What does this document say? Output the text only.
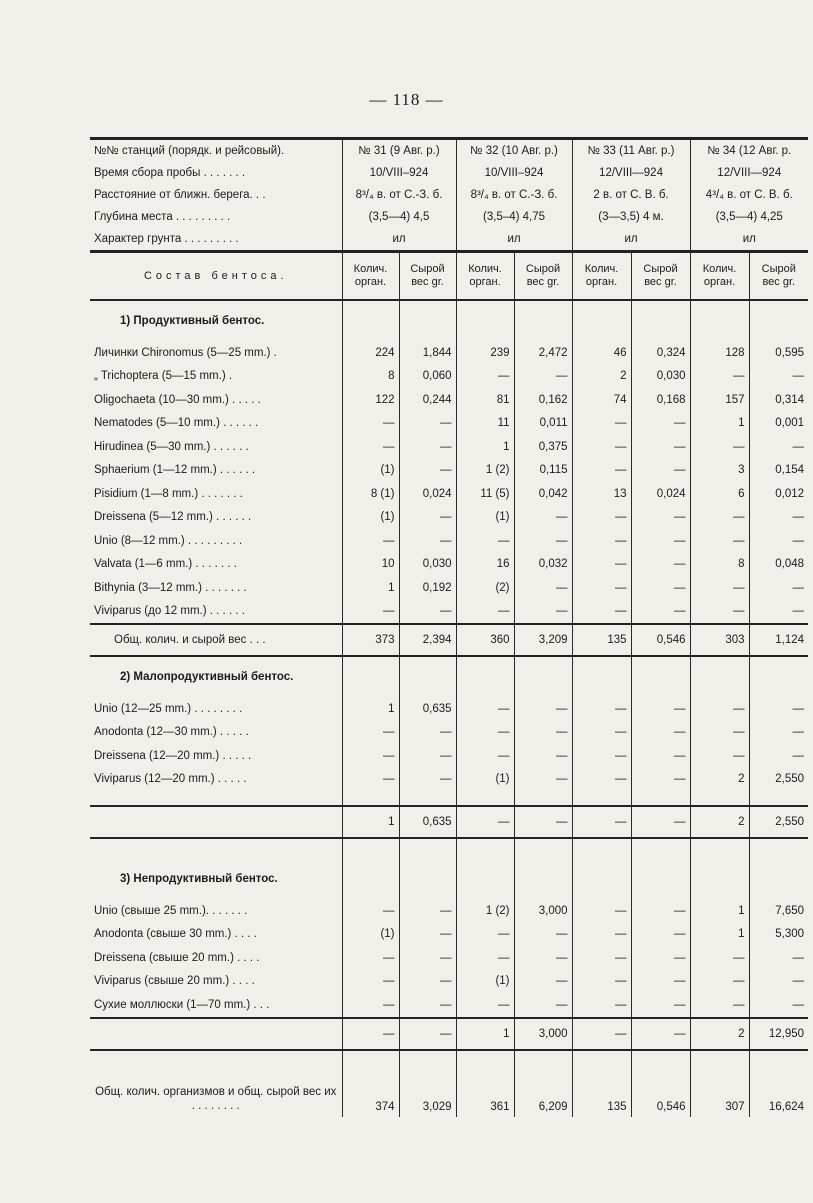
— 118 —
№№ станций (порядк. и рейсовый).	№ 31 (9 Авг. р.)		№ 32 (10 Авг. р.)		№ 33 (11 Авг. р.)		№ 34 (12 Авг. р.	
Время сбора пробы . . . . . . .	10/VIII–924		10/VIII–924		12/VIII—924		12/VIII—924	
Расстояние от ближн. берега. . .	8³/₄ в. от С.-З. б.		8³/₄ в. от С.-З. б.		2 в. от С. В. б.		4³/₄ в. от С. В. б.	
Глубина места . . . . . . . . .	(3,5—4) 4,5		(3,5–4) 4,75		(3—3,5) 4 м.		(3,5—4) 4,25	
Характер грунта . . . . . . . . .	ил		ил		ил		ил	
Состав бентоса.	Колич. орган.	Сырой вес gr.	Колич. орган.	Сырой вес gr.	Колич. орган.	Сырой вес gr.	Колич. орган.	Сырой вес gr.
1) Продуктивный бентос.								
Личинки Chironomus (5—25 mm.) .	224	1,844	239	2,472	46	0,324	128	0,595
„ Trichoptera (5—15 mm.) .	8	0,060	—	—	2	0,030	—	—
Oligochaeta (10—30 mm.) . . . . .	122	0,244	81	0,162	74	0,168	157	0,314
Nematodes (5—10 mm.) . . . . . .	—	—	11	0,011	—	—	1	0,001
Hirudinea (5—30 mm.) . . . . . .	—	—	1	0,375	—	—	—	—
Sphaerium (1—12 mm.) . . . . . .	(1)	—	1 (2)	0,115	—	—	3	0,154
Pisidium (1—8 mm.) . . . . . . .	8 (1)	0,024	11 (5)	0,042	13	0,024	6	0,012
Dreissena (5—12 mm.) . . . . . .	(1)	—	(1)	—	—	—	—	—
Unio (8—12 mm.) . . . . . . . . .	—	—	—	—	—	—	—	—
Valvata (1—6 mm.) . . . . . . .	10	0,030	16	0,032	—	—	8	0,048
Bithynia (3—12 mm.) . . . . . . .	1	0,192	(2)	—	—	—	—	—
Viviparus (до 12 mm.) . . . . . .	—	—	—	—	—	—	—	—
Общ. колич. и сырой вес . . .	373	2,394	360	3,209	135	0,546	303	1,124
2) Малопродуктивный бентос.								
Unio (12—25 mm.) . . . . . . . .	1	0,635	—	—	—	—	—	—
Anodonta (12—30 mm.) . . . . .	—	—	—	—	—	—	—	—
Dreissena (12—20 mm.) . . . . .	—	—	—	—	—	—	—	—
Viviparus (12—20 mm.) . . . . .	—	—	(1)	—	—	—	2	2,550

	1	0,635	—	—	—	—	2	2,550

3) Непродуктивный бентос.								
Unio (свыше 25 mm.). . . . . . .	—	—	1 (2)	3,000	—	—	1	7,650
Anodonta (свыше 30 mm.) . . . .	(1)	—	—	—	—	—	1	5,300
Dreissena (свыше 20 mm.) . . . .	—	—	—	—	—	—	—	—
Viviparus (свыше 20 mm.) . . . .	—	—	(1)	—	—	—	—	—
Сухие моллюски (1—70 mm.) . . .	—	—	—	—	—	—	—	—
	—	—	1	3,000	—	—	2	12,950
Общ. колич. организмов и общ. сырой вес их . . . . . . . .	374	3,029	361	6,209	135	0,546	307	16,624
